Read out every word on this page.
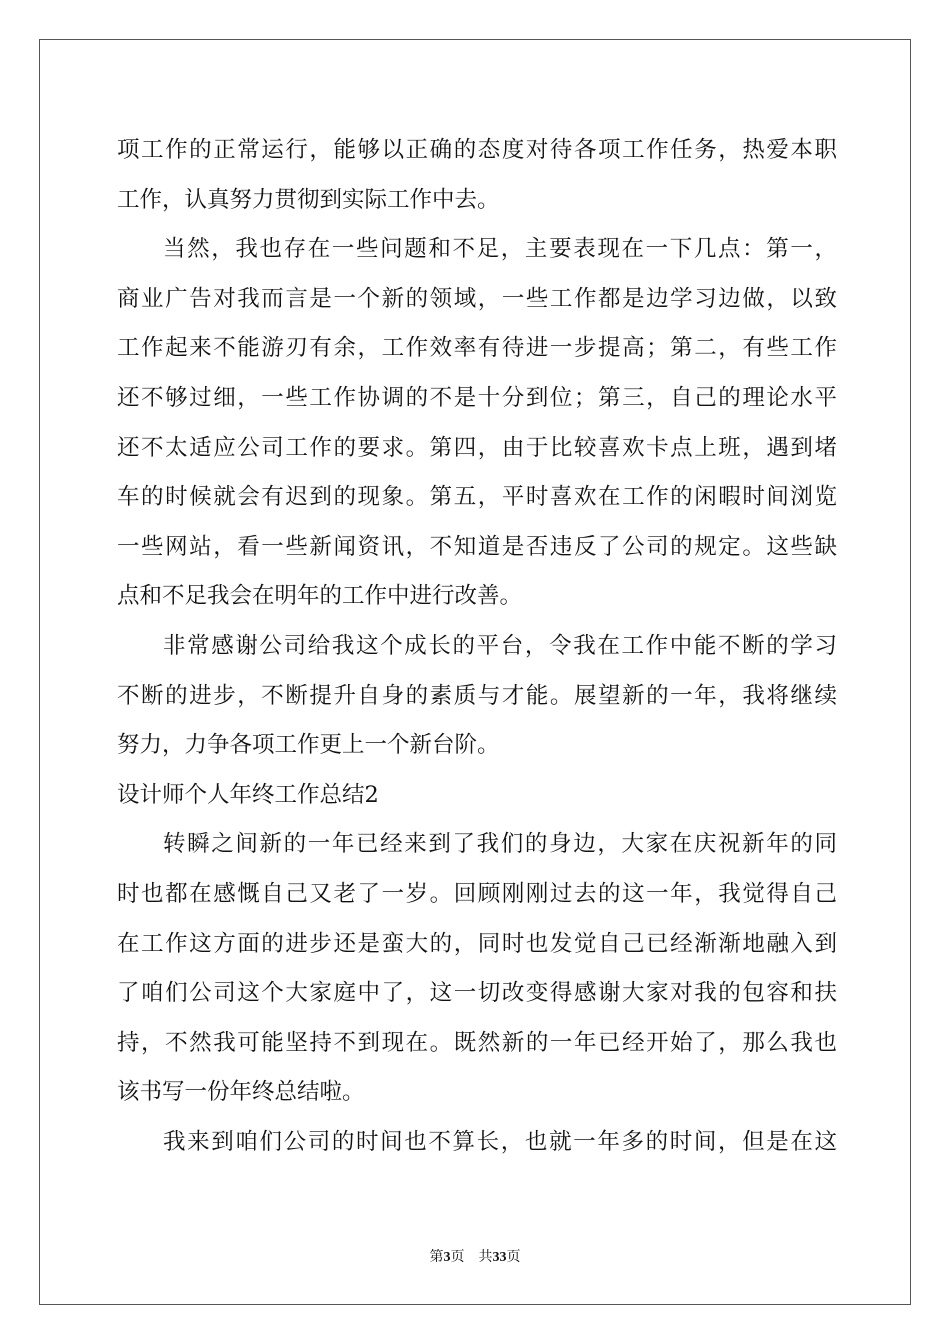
项工作的正常运行，能够以正确的态度对待各项工作任务，热爱本职
工作，认真努力贯彻到实际工作中去。
当然，我也存在一些问题和不足，主要表现在一下几点：第一，
商业广告对我而言是一个新的领域，一些工作都是边学习边做，以致
工作起来不能游刃有余，工作效率有待进一步提高；第二，有些工作
还不够过细，一些工作协调的不是十分到位；第三，自己的理论水平
还不太适应公司工作的要求。第四，由于比较喜欢卡点上班，遇到堵
车的时候就会有迟到的现象。第五，平时喜欢在工作的闲暇时间浏览
一些网站，看一些新闻资讯，不知道是否违反了公司的规定。这些缺
点和不足我会在明年的工作中进行改善。
非常感谢公司给我这个成长的平台，令我在工作中能不断的学习
不断的进步，不断提升自身的素质与才能。展望新的一年，我将继续
努力，力争各项工作更上一个新台阶。
设计师个人年终工作总结2
转瞬之间新的一年已经来到了我们的身边，大家在庆祝新年的同
时也都在感慨自己又老了一岁。回顾刚刚过去的这一年，我觉得自己
在工作这方面的进步还是蛮大的，同时也发觉自己已经渐渐地融入到
了咱们公司这个大家庭中了，这一切改变得感谢大家对我的包容和扶
持，不然我可能坚持不到现在。既然新的一年已经开始了，那么我也
该书写一份年终总结啦。
我来到咱们公司的时间也不算长，也就一年多的时间，但是在这
第3页 共33页
